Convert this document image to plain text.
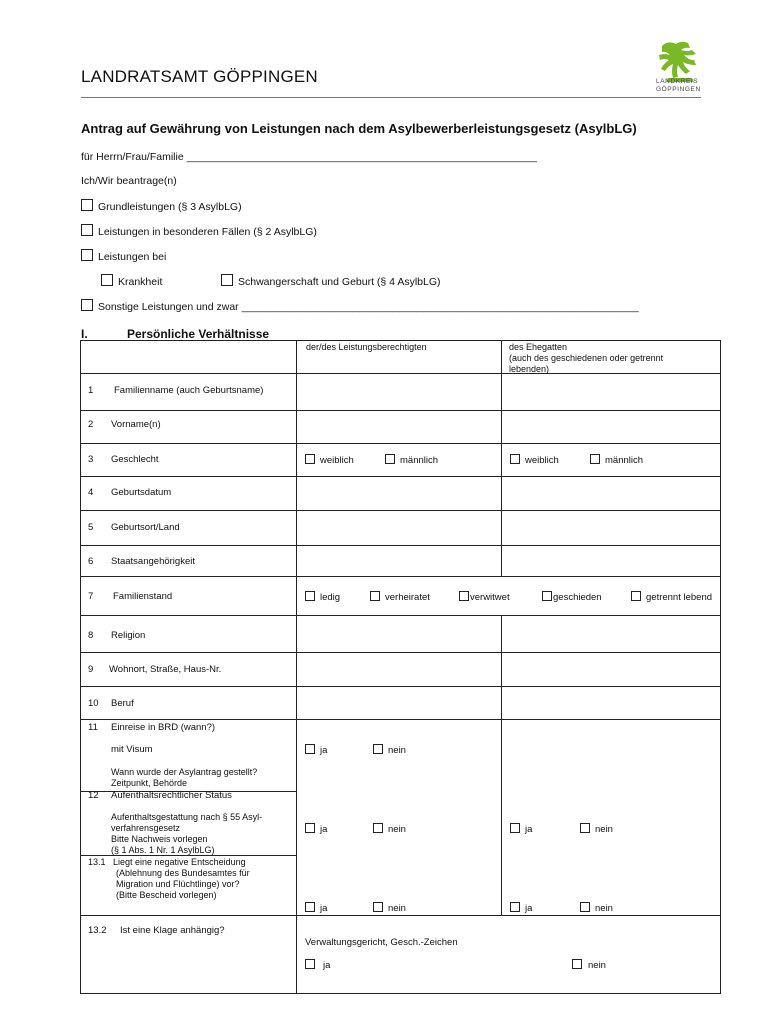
LANDRATSAMT GÖPPINGEN	LANDKREIS
GÖPPINGEN
Antrag auf Gewährung von Leistungen nach dem Asylbewerberleistungsgesetz (AsylbLG)
für Herrn/Frau/Familie ____________________________________________________________
Ich/Wir beantrage(n)
Grundleistungen (§ 3 AsylbLG)
Leistungen in besonderen Fällen (§ 2 AsylbLG)
Leistungen bei
Krankheit	Schwangerschaft und Geburt (§ 4 AsylbLG)
Sonstige Leistungen und zwar ____________________________________________________________________
I.	Persönliche Verhältnisse
der/des Leistungsberechtigten	des Ehegatten
(auch des geschiedenen oder getrennt
lebenden)
1 Familienname (auch Geburtsname)
2 Vorname(n)
3 Geschlecht	weiblich	männlich	weiblich	männlich
4 Geburtsdatum
5 Geburtsort/Land
6 Staatsangehörigkeit
7 Familienstand	ledig	verheiratet	verwitwet	geschieden	getrennt lebend
8 Religion
9 Wohnort, Straße, Haus-Nr.
10 Beruf
11 Einreise in BRD (wann?)
mit Visum	ja	nein
Wann wurde der Asylantrag gestellt?
Zeitpunkt, Behörde
12 Aufenthaltsrechtlicher Status
Aufenthaltsgestattung nach § 55 Asyl-
verfahrensgesetz
Bitte Nachweis vorlegen
(§ 1 Abs. 1 Nr. 1 AsylbLG)
ja	nein	ja	nein
13.1 Liegt eine negative Entscheidung
(Ablehnung des Bundesamtes für
Migration und Flüchtlinge) vor?
(Bitte Bescheid vorlegen)
ja	nein	ja	nein
13.2 Ist eine Klage anhängig?
Verwaltungsgericht, Gesch.-Zeichen
ja	nein
